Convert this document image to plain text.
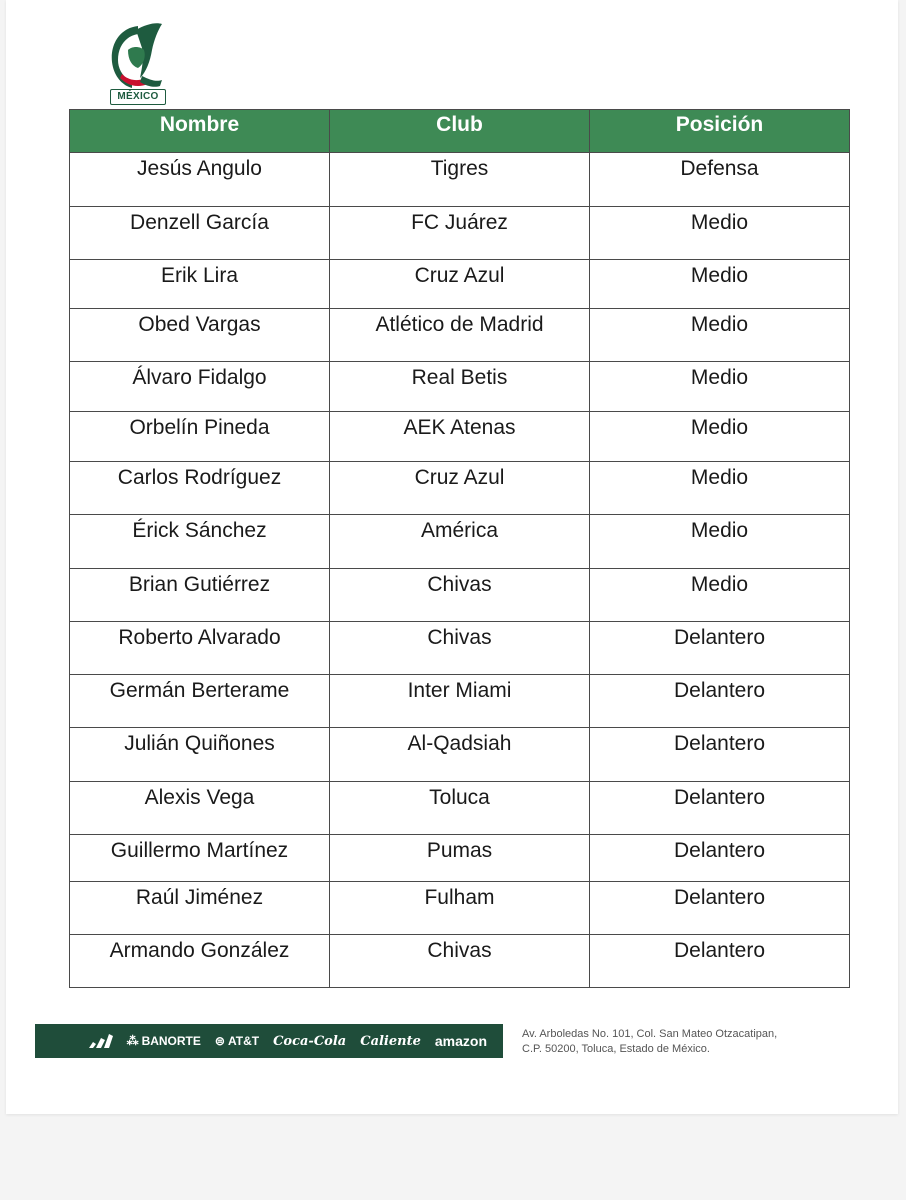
MÉXICO
Nombre	Club	Posición
Jesús Angulo	Tigres	Defensa
Denzell García	FC Juárez	Medio
Erik Lira	Cruz Azul	Medio
Obed Vargas	Atlético de Madrid	Medio
Álvaro Fidalgo	Real Betis	Medio
Orbelín Pineda	AEK Atenas	Medio
Carlos Rodríguez	Cruz Azul	Medio
Érick Sánchez	América	Medio
Brian Gutiérrez	Chivas	Medio
Roberto Alvarado	Chivas	Delantero
Germán Berterame	Inter Miami	Delantero
Julián Quiñones	Al-Qadsiah	Delantero
Alexis Vega	Toluca	Delantero
Guillermo Martínez	Pumas	Delantero
Raúl Jiménez	Fulham	Delantero
Armando González	Chivas	Delantero
⁂ BANORTE ⊜ AT&T Coca-Cola Caliente amazon	Av. Arboledas No. 101, Col. San Mateo Otzacatipan,
C.P. 50200, Toluca, Estado de México.
